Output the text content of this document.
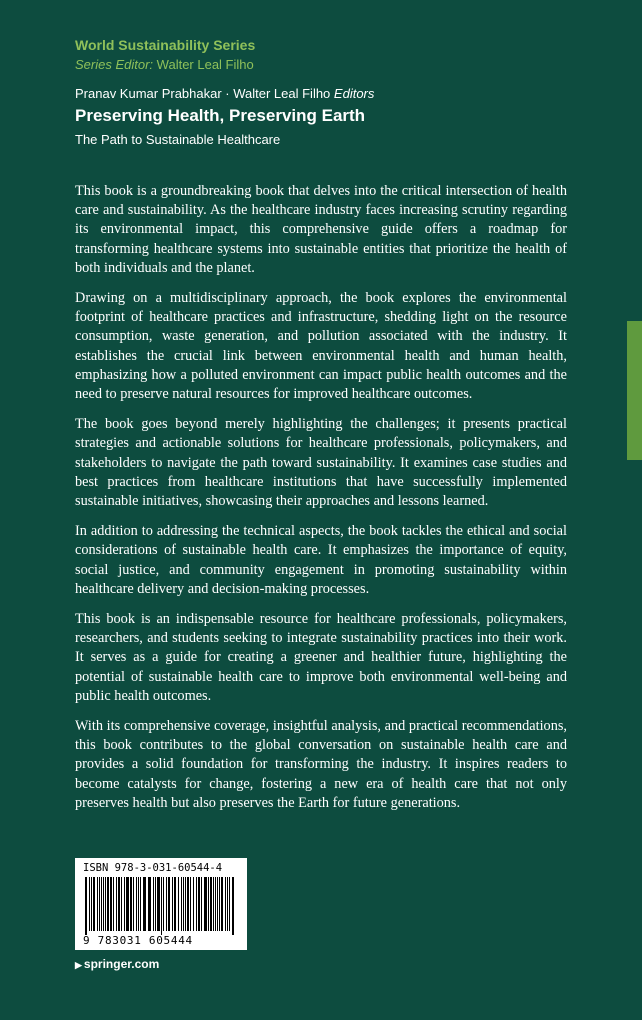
World Sustainability Series
Series Editor: Walter Leal Filho
Pranav Kumar Prabhakar · Walter Leal Filho Editors
Preserving Health, Preserving Earth
The Path to Sustainable Healthcare

This book is a groundbreaking book that delves into the critical intersection of health care and sustainability. As the healthcare industry faces increasing scrutiny regarding its environmental impact, this comprehensive guide offers a roadmap for transforming healthcare systems into sustainable entities that prioritize the health of both individuals and the planet.

Drawing on a multidisciplinary approach, the book explores the environmental footprint of healthcare practices and infrastructure, shedding light on the resource consumption, waste generation, and pollution associated with the industry. It establishes the crucial link between environmental health and human health, emphasizing how a polluted environment can impact public health outcomes and the need to preserve natural resources for improved healthcare outcomes.

The book goes beyond merely highlighting the challenges; it presents practical strategies and actionable solutions for healthcare professionals, policymakers, and stakeholders to navigate the path toward sustainability. It examines case studies and best practices from healthcare institutions that have successfully implemented sustainable initiatives, showcasing their approaches and lessons learned.

In addition to addressing the technical aspects, the book tackles the ethical and social considerations of sustainable health care. It emphasizes the importance of equity, social justice, and community engagement in promoting sustainability within healthcare delivery and decision-making processes.

This book is an indispensable resource for healthcare professionals, policymakers, researchers, and students seeking to integrate sustainability practices into their work. It serves as a guide for creating a greener and healthier future, highlighting the potential of sustainable health care to improve both environmental well-being and public health outcomes.

With its comprehensive coverage, insightful analysis, and practical recommendations, this book contributes to the global conversation on sustainable health care and provides a solid foundation for transforming the industry. It inspires readers to become catalysts for change, fostering a new era of health care that not only preserves health but also preserves the Earth for future generations.

ISBN 978-3-031-60544-4
9 783031 605444
▶ springer.com
